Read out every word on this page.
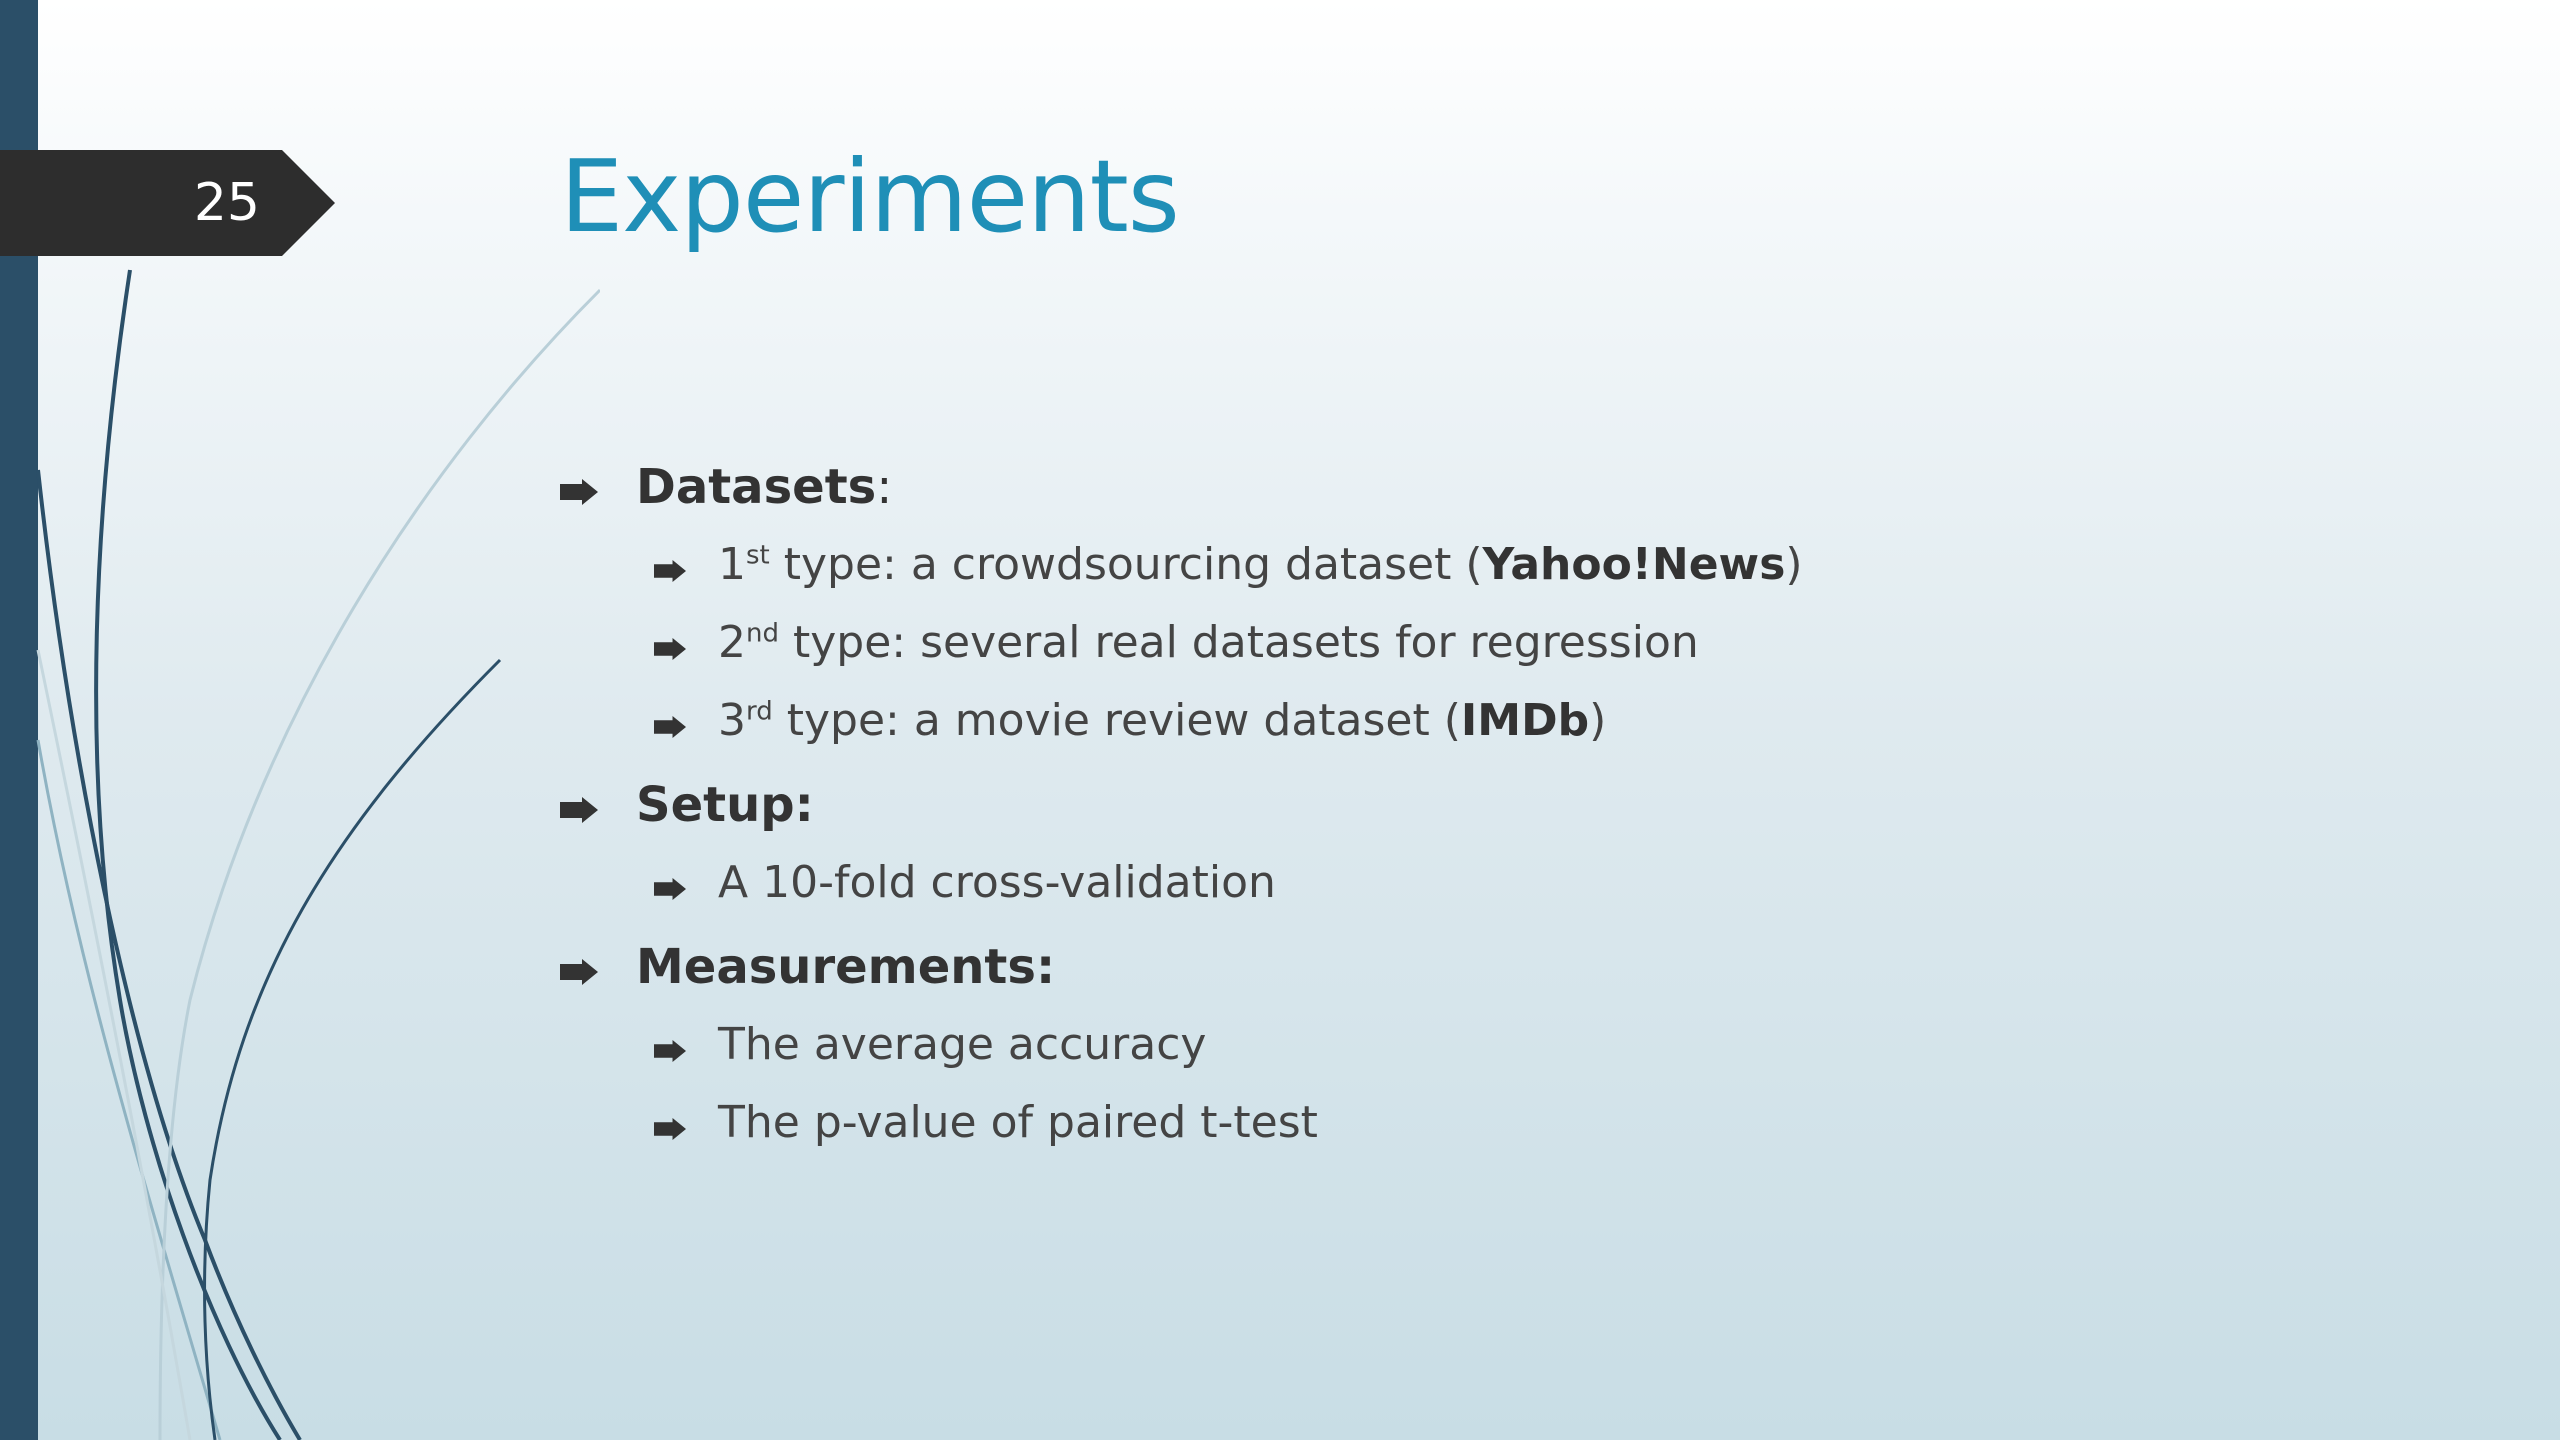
25	Experiments
Datasets:
1st type: a crowdsourcing dataset (Yahoo!News)
2nd type: several real datasets for regression
3rd type: a movie review dataset (IMDb)
Setup:
A 10-fold cross-validation
Measurements:
The average accuracy
The p-value of paired t-test
